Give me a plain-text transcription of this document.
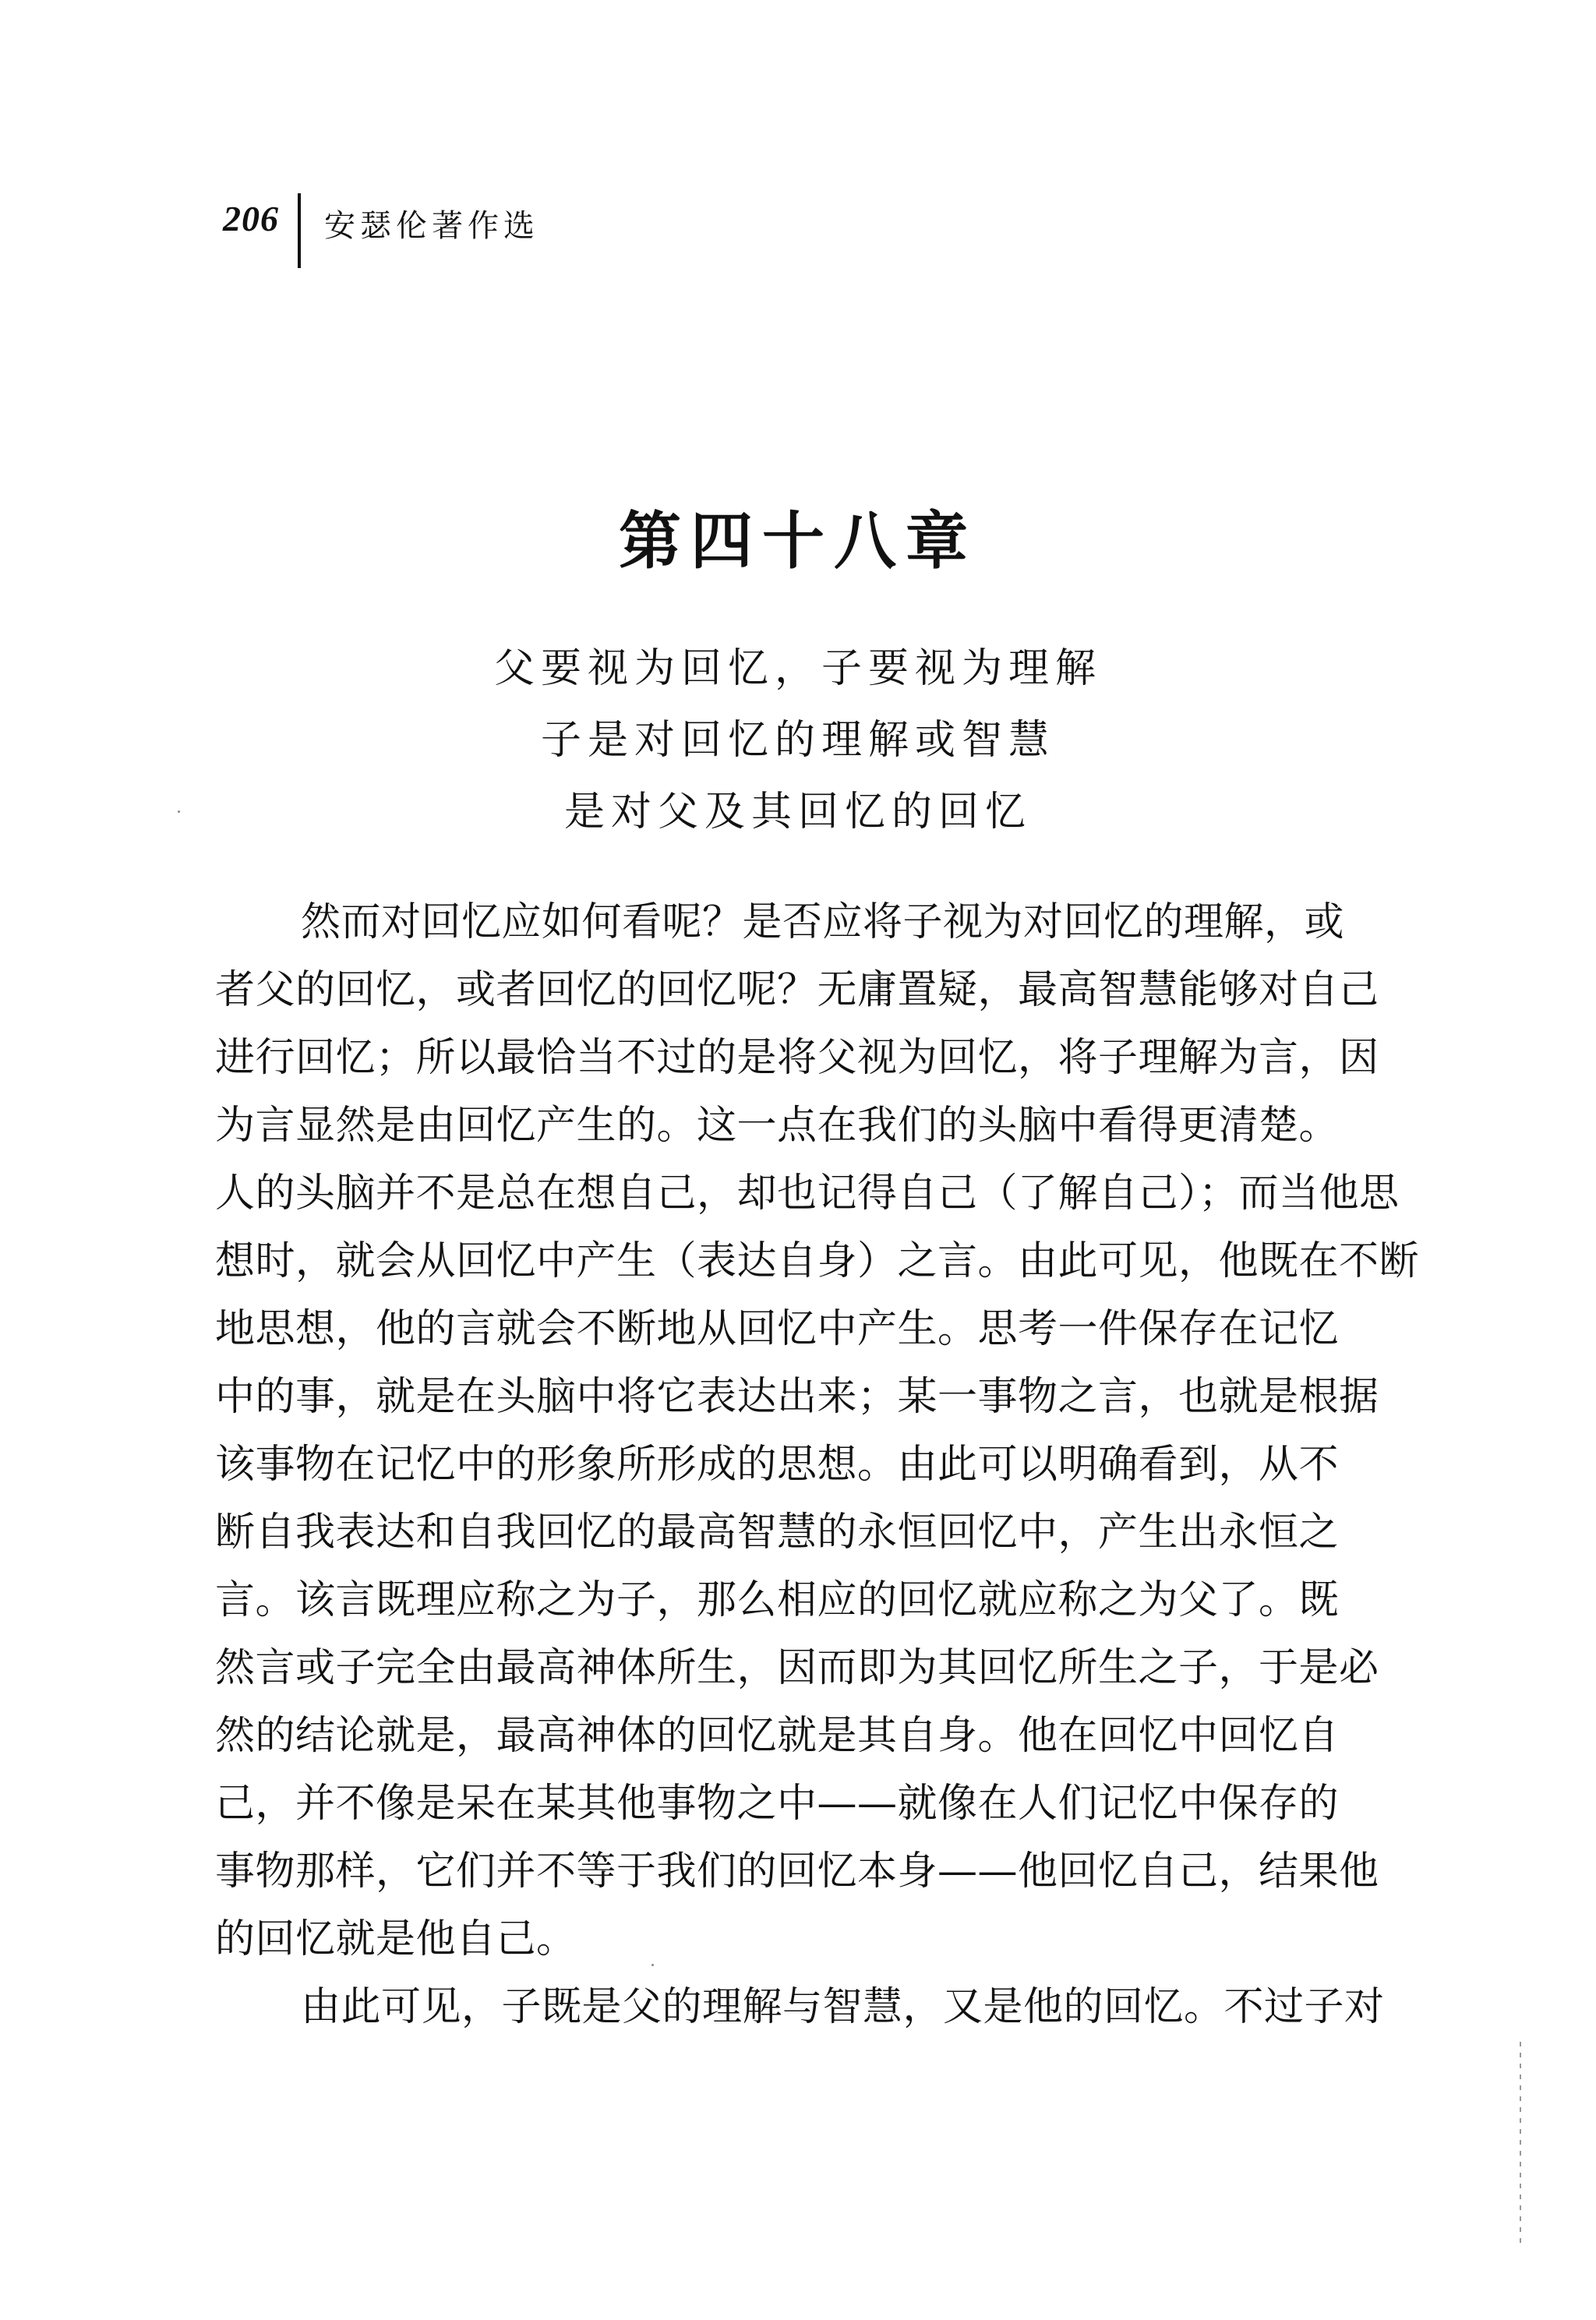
206 安瑟伦著作选
第四十八章
父要视为回忆，子要视为理解
子是对回忆的理解或智慧
是对父及其回忆的回忆
然而对回忆应如何看呢？是否应将子视为对回忆的理解，或
者父的回忆，或者回忆的回忆呢？无庸置疑，最高智慧能够对自己
进行回忆；所以最恰当不过的是将父视为回忆，将子理解为言，因
为言显然是由回忆产生的。这一点在我们的头脑中看得更清楚。
人的头脑并不是总在想自己，却也记得自己（了解自己）；而当他思
想时，就会从回忆中产生（表达自身）之言。由此可见，他既在不断
地思想，他的言就会不断地从回忆中产生。思考一件保存在记忆
中的事，就是在头脑中将它表达出来；某一事物之言，也就是根据
该事物在记忆中的形象所形成的思想。由此可以明确看到，从不
断自我表达和自我回忆的最高智慧的永恒回忆中，产生出永恒之
言。该言既理应称之为子，那么相应的回忆就应称之为父了。既
然言或子完全由最高神体所生，因而即为其回忆所生之子，于是必
然的结论就是，最高神体的回忆就是其自身。他在回忆中回忆自
己，并不像是呆在某其他事物之中——就像在人们记忆中保存的
事物那样，它们并不等于我们的回忆本身——他回忆自己，结果他
的回忆就是他自己。
由此可见，子既是父的理解与智慧，又是他的回忆。不过子对
